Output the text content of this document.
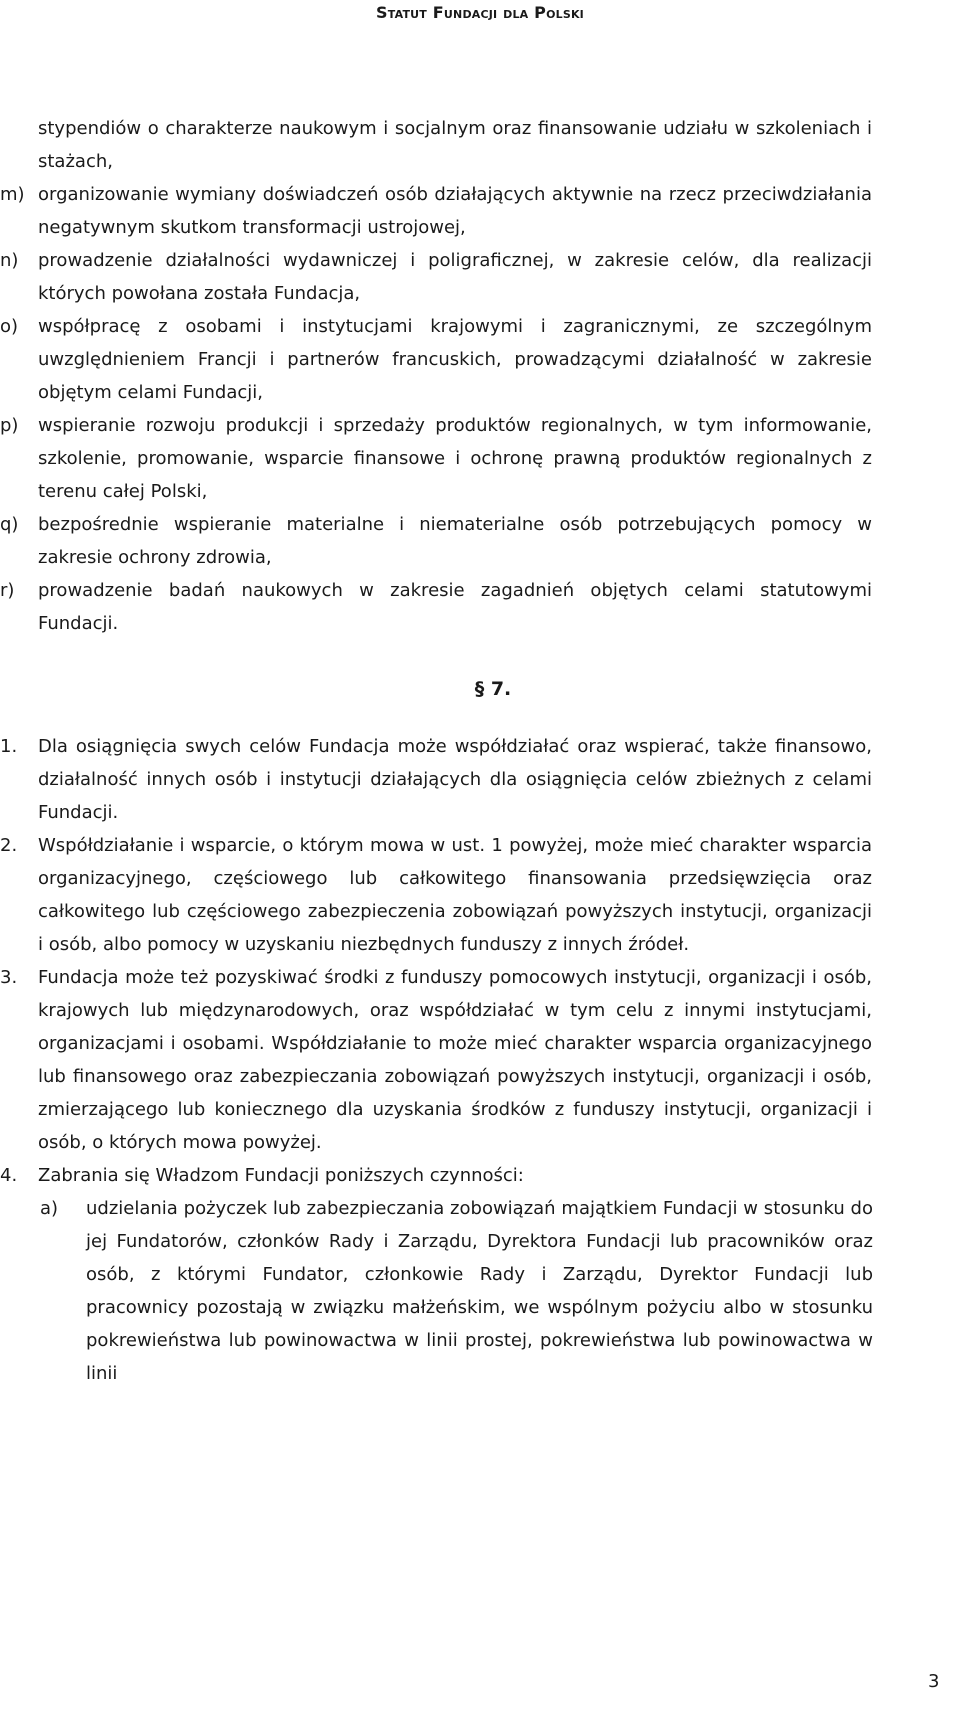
Statut Fundacji dla Polski
stypendiów o charakterze naukowym i socjalnym oraz finansowanie udziału w szkoleniach i stażach,
m) organizowanie wymiany doświadczeń osób działających aktywnie na rzecz przeciwdziałania negatywnym skutkom transformacji ustrojowej,
n) prowadzenie działalności wydawniczej i poligraficznej, w zakresie celów, dla realizacji których powołana została Fundacja,
o) współpracę z osobami i instytucjami krajowymi i zagranicznymi, ze szczególnym uwzględnieniem Francji i partnerów francuskich, prowadzącymi działalność w zakresie objętym celami Fundacji,
p) wspieranie rozwoju produkcji i sprzedaży produktów regionalnych, w tym informowanie, szkolenie, promowanie, wsparcie finansowe i ochronę prawną produktów regionalnych z terenu całej Polski,
q) bezpośrednie wspieranie materialne i niematerialne osób potrzebujących pomocy w zakresie ochrony zdrowia,
r) prowadzenie badań naukowych w zakresie zagadnień objętych celami statutowymi Fundacji.
§ 7.
1. Dla osiągnięcia swych celów Fundacja może współdziałać oraz wspierać, także finansowo, działalność innych osób i instytucji działających dla osiągnięcia celów zbieżnych z celami Fundacji.
2. Współdziałanie i wsparcie, o którym mowa w ust. 1 powyżej, może mieć charakter wsparcia organizacyjnego, częściowego lub całkowitego finansowania przedsięwzięcia oraz całkowitego lub częściowego zabezpieczenia zobowiązań powyższych instytucji, organizacji i osób, albo pomocy w uzyskaniu niezbędnych funduszy z innych źródeł.
3. Fundacja może też pozyskiwać środki z funduszy pomocowych instytucji, organizacji i osób, krajowych lub międzynarodowych, oraz współdziałać w tym celu z innymi instytucjami, organizacjami i osobami. Współdziałanie to może mieć charakter wsparcia organizacyjnego lub finansowego oraz zabezpieczania zobowiązań powyższych instytucji, organizacji i osób, zmierzającego lub koniecznego dla uzyskania środków z funduszy instytucji, organizacji i osób, o których mowa powyżej.
4. Zabrania się Władzom Fundacji poniższych czynności:
a) udzielania pożyczek lub zabezpieczania zobowiązań majątkiem Fundacji w stosunku do jej Fundatorów, członków Rady i Zarządu, Dyrektora Fundacji lub pracowników oraz osób, z którymi Fundator, członkowie Rady i Zarządu, Dyrektor Fundacji lub pracownicy pozostają w związku małżeńskim, we wspólnym pożyciu albo w stosunku pokrewieństwa lub powinowactwa w linii prostej, pokrewieństwa lub powinowactwa w linii
3
